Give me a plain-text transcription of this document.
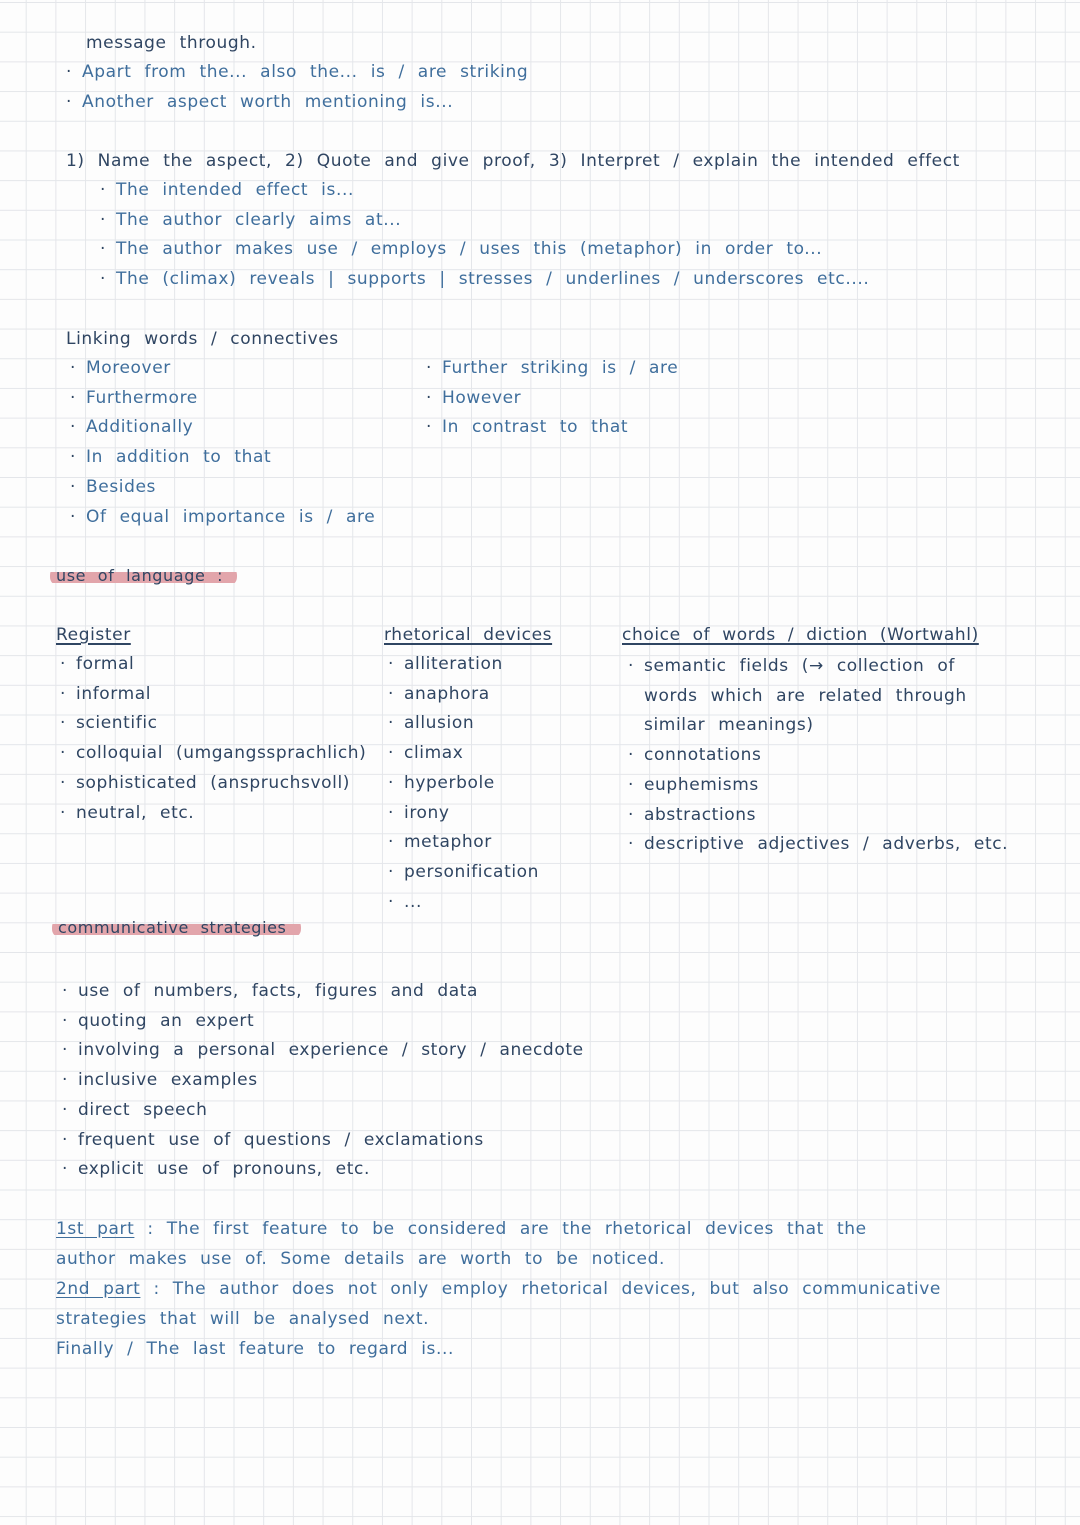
message through.
· Apart from the... also the... is / are striking
· Another aspect worth mentioning is...
1) Name the aspect, 2) Quote and give proof, 3) Interpret / explain the intended effect
· The intended effect is...
· The author clearly aims at...
· The author makes use / employs / uses this (metaphor) in order to...
· The (climax) reveals | supports | stresses / underlines / underscores etc....
Linking words / connectives
· Moreover
· Furthermore
· Additionally
· In addition to that
· Besides
· Of equal importance is / are
· Further striking is / are
· However
· In contrast to that
use of language :
Register
· formal
· informal
· scientific
· colloquial (umgangssprachlich)
· sophisticated (anspruchsvoll)
· neutral, etc.
rhetorical devices
· alliteration
· anaphora
· allusion
· climax
· hyperbole
· irony
· metaphor
· personification
· ...
choice of words / diction (Wortwahl)
· semantic fields (→ collection of
words which are related through
similar meanings)
· connotations
· euphemisms
· abstractions
· descriptive adjectives / adverbs, etc.
communicative strategies
· use of numbers, facts, figures and data
· quoting an expert
· involving a personal experience / story / anecdote
· inclusive examples
· direct speech
· frequent use of questions / exclamations
· explicit use of pronouns, etc.
1st part : The first feature to be considered are the rhetorical devices that the
author makes use of. Some details are worth to be noticed.
2nd part : The author does not only employ rhetorical devices, but also communicative
strategies that will be analysed next.
Finally / The last feature to regard is...
